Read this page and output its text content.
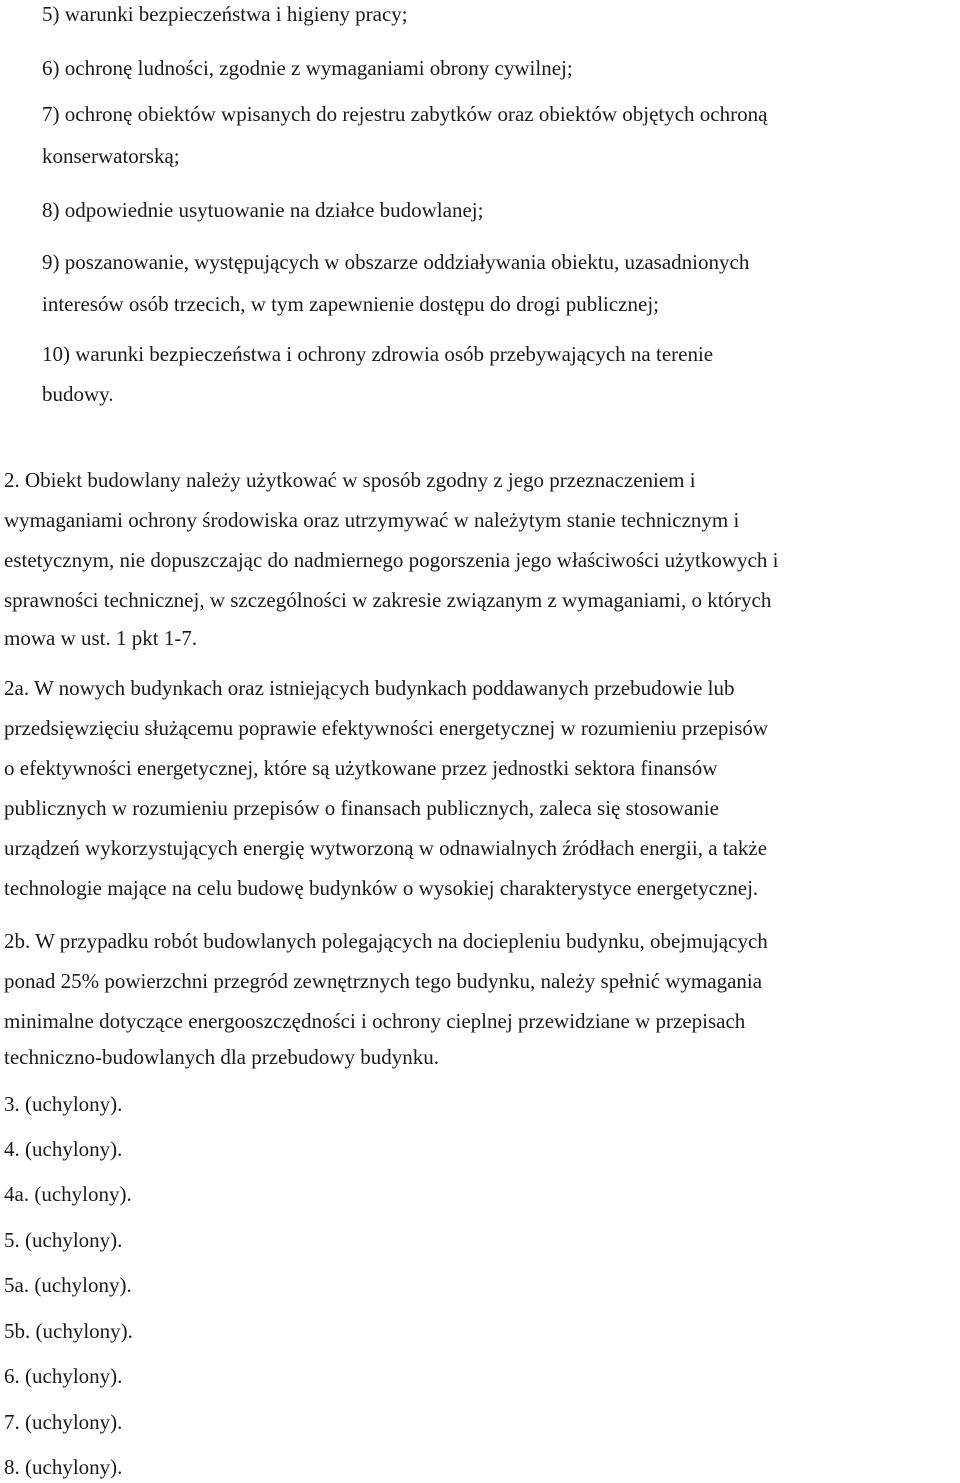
5) warunki bezpieczeństwa i higieny pracy;
6) ochronę ludności, zgodnie z wymaganiami obrony cywilnej;
7) ochronę obiektów wpisanych do rejestru zabytków oraz obiektów objętych ochroną
konserwatorską;
8) odpowiednie usytuowanie na działce budowlanej;
9) poszanowanie, występujących w obszarze oddziaływania obiektu, uzasadnionych
interesów osób trzecich, w tym zapewnienie dostępu do drogi publicznej;
10) warunki bezpieczeństwa i ochrony zdrowia osób przebywających na terenie
budowy.
2. Obiekt budowlany należy użytkować w sposób zgodny z jego przeznaczeniem i
wymaganiami ochrony środowiska oraz utrzymywać w należytym stanie technicznym i
estetycznym, nie dopuszczając do nadmiernego pogorszenia jego właściwości użytkowych i
sprawności technicznej, w szczególności w zakresie związanym z wymaganiami, o których
mowa w ust. 1 pkt 1-7.
2a. W nowych budynkach oraz istniejących budynkach poddawanych przebudowie lub
przedsięwzięciu służącemu poprawie efektywności energetycznej w rozumieniu przepisów
o efektywności energetycznej, które są użytkowane przez jednostki sektora finansów
publicznych w rozumieniu przepisów o finansach publicznych, zaleca się stosowanie
urządzeń wykorzystujących energię wytworzoną w odnawialnych źródłach energii, a także
technologie mające na celu budowę budynków o wysokiej charakterystyce energetycznej.
2b. W przypadku robót budowlanych polegających na dociepleniu budynku, obejmujących
ponad 25% powierzchni przegród zewnętrznych tego budynku, należy spełnić wymagania
minimalne dotyczące energooszczędności i ochrony cieplnej przewidziane w przepisach
techniczno-budowlanych dla przebudowy budynku.
3. (uchylony).
4. (uchylony).
4a. (uchylony).
5. (uchylony).
5a. (uchylony).
5b. (uchylony).
6. (uchylony).
7. (uchylony).
8. (uchylony).
